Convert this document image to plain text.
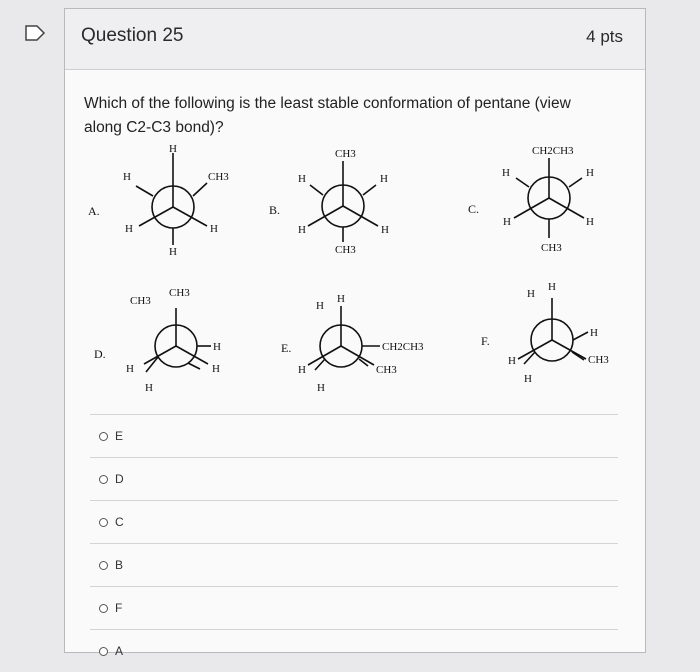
Question 25	4 pts
Which of the following is the least stable conformation of pentane (view along C2-C3 bond)?
A.	B.	C.
D.	E.	F.
H
H	CH3
H	H
H
CH3
H	H
H	H
CH3
CH2CH3
H	H
H	H
CH3
CH3
CH3
H
H	H
H
H
H
CH2CH3
H	CH3
H
H
H
H
H	CH3
H
E
D
C
B
F
A
